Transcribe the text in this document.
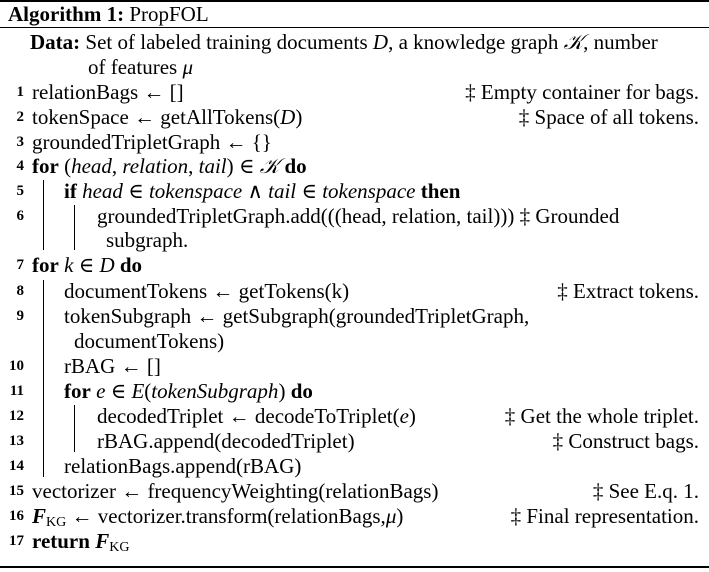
Algorithm 1: PropFOL
Data: Set of labeled training documents D, a knowledge graph 𝒦, number
of features μ
1 relationBags ← []	‡ Empty container for bags.
2 tokenSpace ← getAllTokens(D)	‡ Space of all tokens.
3 groundedTripletGraph ← {}
4 for (head, relation, tail) ∈ 𝒦 do
5 if head ∈ tokenspace ∧ tail ∈ tokenspace then
6	groundedTripletGraph.add(((head, relation, tail))) ‡ Grounded
subgraph.
7 for k ∈ D do
8 documentTokens ← getTokens(k)	‡ Extract tokens.
9 tokenSubgraph ← getSubgraph(groundedTripletGraph,
documentTokens)
10 rBAG ← []
11 for e ∈ E(tokenSubgraph) do
12	decodedTriplet ← decodeToTriplet(e)	‡ Get the whole triplet.
13	rBAG.append(decodedTriplet)	‡ Construct bags.
14 relationBags.append(rBAG)
15 vectorizer ← frequencyWeighting(relationBags)	‡ See E.q. 1.
16 $F_{KG}$ ← vectorizer.transform(relationBags,μ)	‡ Final representation.
17 return $F_{KG}$
